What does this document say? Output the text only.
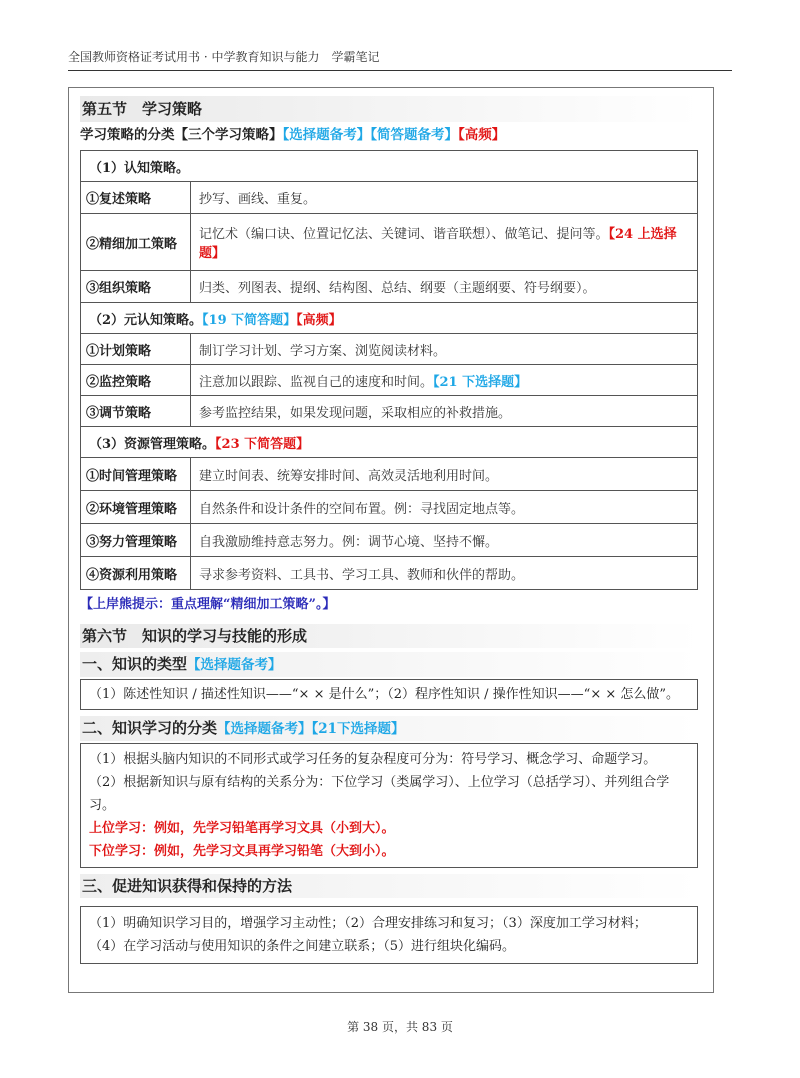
全国教师资格证考试用书 · 中学教育知识与能力　学霸笔记
第五节　学习策略
学习策略的分类【三个学习策略】【选择题备考】【简答题备考】【高频】
（1）认知策略。	
①复述策略	抄写、画线、重复。
②精细加工策略	记忆术（编口诀、位置记忆法、关键词、谐音联想）、做笔记、提问等。【24 上选择题】
③组织策略	归类、列图表、提纲、结构图、总结、纲要（主题纲要、符号纲要）。
（2）元认知策略。【19 下简答题】【高频】	
①计划策略	制订学习计划、学习方案、浏览阅读材料。
②监控策略	注意加以跟踪、监视自己的速度和时间。【21 下选择题】
③调节策略	参考监控结果，如果发现问题，采取相应的补救措施。
（3）资源管理策略。【23 下简答题】	
①时间管理策略	建立时间表、统筹安排时间、高效灵活地利用时间。
②环境管理策略	自然条件和设计条件的空间布置。例：寻找固定地点等。
③努力管理策略	自我激励维持意志努力。例：调节心境、坚持不懈。
④资源利用策略	寻求参考资料、工具书、学习工具、教师和伙伴的帮助。
【上岸熊提示：重点理解“精细加工策略”。】
第六节　知识的学习与技能的形成
一、知识的类型【选择题备考】

（1）陈述性知识 / 描述性知识——“× × 是什么”；（2）程序性知识 / 操作性知识——“× × 怎么做”。

二、知识学习的分类【选择题备考】【21下选择题】

（1）根据头脑内知识的不同形式或学习任务的复杂程度可分为：符号学习、概念学习、命题学习。

（2）根据新知识与原有结构的关系分为：下位学习（类属学习）、上位学习（总括学习）、并列组合学习。

上位学习：例如，先学习铅笔再学习文具（小到大）。

下位学习：例如，先学习文具再学习铅笔（大到小）。

三、促进知识获得和保持的方法

（1）明确知识学习目的，增强学习主动性；（2）合理安排练习和复习；（3）深度加工学习材料；

（4）在学习活动与使用知识的条件之间建立联系；（5）进行组块化编码。

第 38 页，共 83 页
